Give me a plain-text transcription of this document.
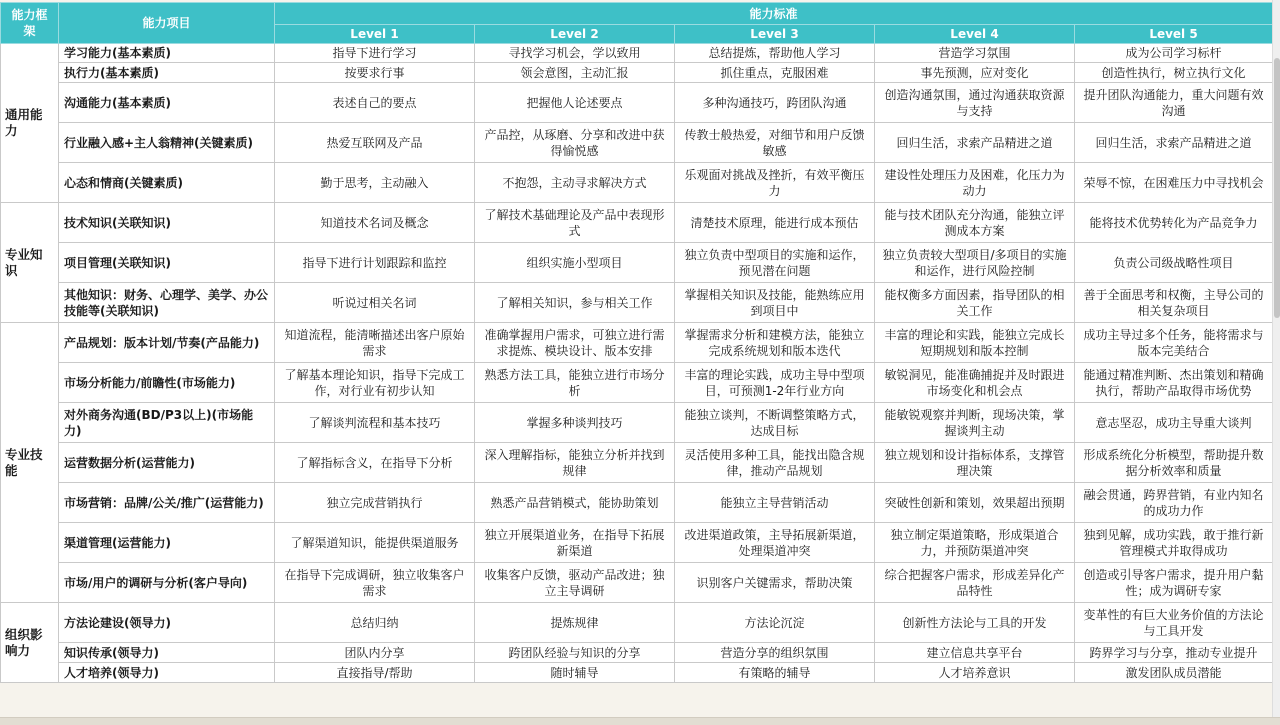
能力框架	能力项目	能力标准				
		Level 1	Level 2	Level 3	Level 4	Level 5
通用能力	学习能力(基本素质)	指导下进行学习	寻找学习机会，学以致用	总结提炼，帮助他人学习	营造学习氛围	成为公司学习标杆
	执行力(基本素质)	按要求行事	领会意图，主动汇报	抓住重点，克服困难	事先预测，应对变化	创造性执行，树立执行文化
	沟通能力(基本素质)	表述自己的要点	把握他人论述要点	多种沟通技巧，跨团队沟通	创造沟通氛围，通过沟通获取资源与支持	提升团队沟通能力，重大问题有效沟通
	行业融入感+主人翁精神(关键素质)	热爱互联网及产品	产品控，从琢磨、分享和改进中获得愉悦感	传教士般热爱，对细节和用户反馈敏感	回归生活，求索产品精进之道	回归生活，求索产品精进之道
	心态和情商(关键素质)	勤于思考，主动融入	不抱怨，主动寻求解决方式	乐观面对挑战及挫折，有效平衡压力	建设性处理压力及困难，化压力为动力	荣辱不惊，在困难压力中寻找机会
专业知识	技术知识(关联知识)	知道技术名词及概念	了解技术基础理论及产品中表现形式	清楚技术原理，能进行成本预估	能与技术团队充分沟通，能独立评测成本方案	能将技术优势转化为产品竞争力
	项目管理(关联知识)	指导下进行计划跟踪和监控	组织实施小型项目	独立负责中型项目的实施和运作，预见潜在问题	独立负责较大型项目/多项目的实施和运作，进行风险控制	负责公司级战略性项目
	其他知识：财务、心理学、美学、办公技能等(关联知识)	听说过相关名词	了解相关知识，参与相关工作	掌握相关知识及技能，能熟练应用到项目中	能权衡多方面因素，指导团队的相关工作	善于全面思考和权衡，主导公司的相关复杂项目
专业技能	产品规划：版本计划/节奏(产品能力)	知道流程，能清晰描述出客户原始需求	准确掌握用户需求，可独立进行需求提炼、模块设计、版本安排	掌握需求分析和建模方法，能独立完成系统规划和版本迭代	丰富的理论和实践，能独立完成长短期规划和版本控制	成功主导过多个任务，能将需求与版本完美结合
	市场分析能力/前瞻性(市场能力)	了解基本理论知识，指导下完成工作，对行业有初步认知	熟悉方法工具，能独立进行市场分析	丰富的理论实践，成功主导中型项目，可预测1-2年行业方向	敏锐洞见，能准确捕捉并及时跟进市场变化和机会点	能通过精准判断、杰出策划和精确执行，帮助产品取得市场优势
	对外商务沟通(BD/P3以上)(市场能力)	了解谈判流程和基本技巧	掌握多种谈判技巧	能独立谈判，不断调整策略方式，达成目标	能敏锐观察并判断，现场决策，掌握谈判主动	意志坚忍，成功主导重大谈判
	运营数据分析(运营能力)	了解指标含义，在指导下分析	深入理解指标，能独立分析并找到规律	灵活使用多种工具，能找出隐含规律，推动产品规划	独立规划和设计指标体系，支撑管理决策	形成系统化分析模型，帮助提升数据分析效率和质量
	市场营销：品牌/公关/推广(运营能力)	独立完成营销执行	熟悉产品营销模式，能协助策划	能独立主导营销活动	突破性创新和策划，效果超出预期	融会贯通，跨界营销，有业内知名的成功力作
	渠道管理(运营能力)	了解渠道知识，能提供渠道服务	独立开展渠道业务，在指导下拓展新渠道	改进渠道政策，主导拓展新渠道，处理渠道冲突	独立制定渠道策略，形成渠道合力，并预防渠道冲突	独到见解，成功实践，敢于推行新管理模式并取得成功
	市场/用户的调研与分析(客户导向)	在指导下完成调研，独立收集客户需求	收集客户反馈，驱动产品改进；独立主导调研	识别客户关键需求，帮助决策	综合把握客户需求，形成差异化产品特性	创造或引导客户需求，提升用户黏性；成为调研专家
组织影响力	方法论建设(领导力)	总结归纳	提炼规律	方法论沉淀	创新性方法论与工具的开发	变革性的有巨大业务价值的方法论与工具开发
	知识传承(领导力)	团队内分享	跨团队经验与知识的分享	营造分享的组织氛围	建立信息共享平台	跨界学习与分享，推动专业提升
	人才培养(领导力)	直接指导/帮助	随时辅导	有策略的辅导	人才培养意识	激发团队成员潜能
